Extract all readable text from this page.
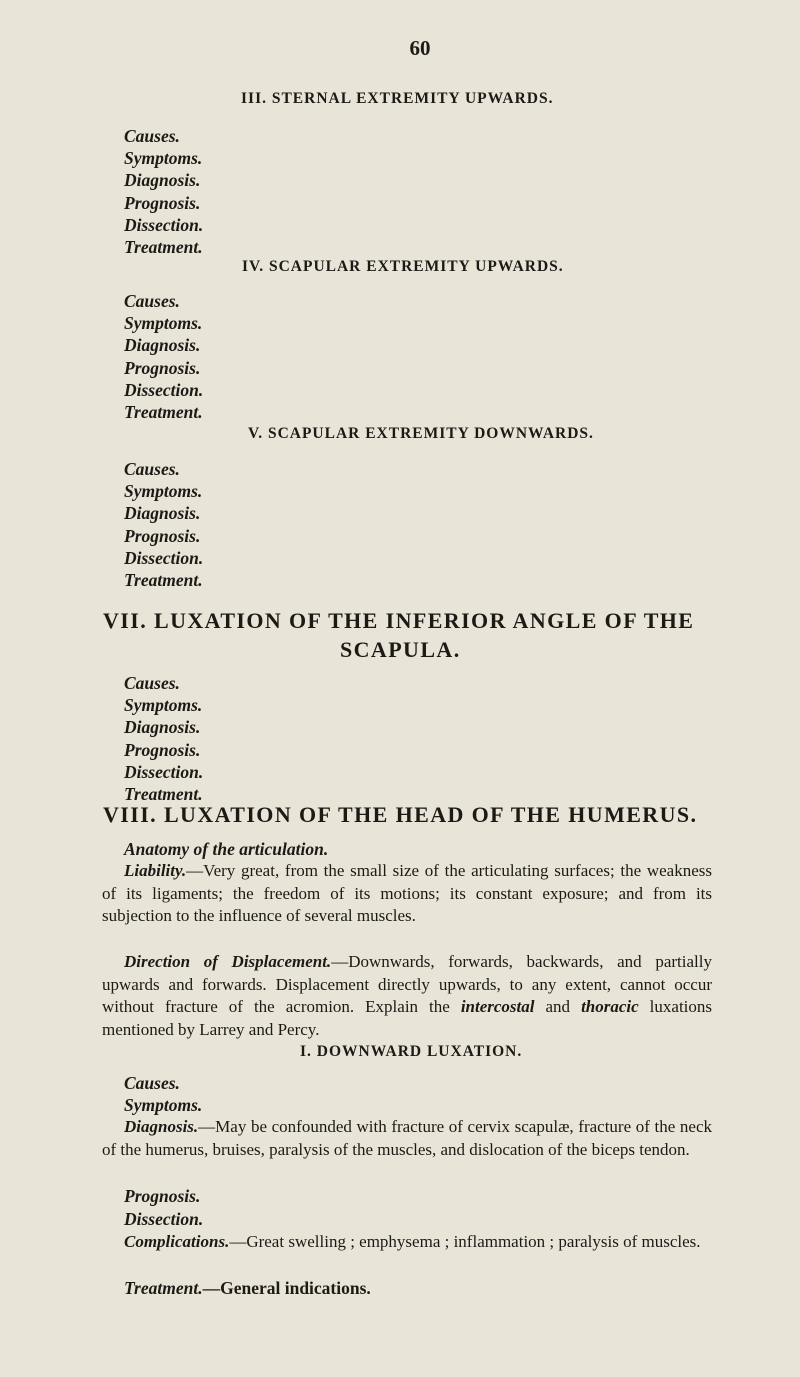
60
III. STERNAL EXTREMITY UPWARDS.
Causes.
Symptoms.
Diagnosis.
Prognosis.
Dissection.
Treatment.
IV. SCAPULAR EXTREMITY UPWARDS.
Causes.
Symptoms.
Diagnosis.
Prognosis.
Dissection.
Treatment.
V. SCAPULAR EXTREMITY DOWNWARDS.
Causes.
Symptoms.
Diagnosis.
Prognosis.
Dissection.
Treatment.
VII. LUXATION OF THE INFERIOR ANGLE OF THE
SCAPULA.
Causes.
Symptoms.
Diagnosis.
Prognosis.
Dissection.
Treatment.
VIII. LUXATION OF THE HEAD OF THE HUMERUS.
Anatomy of the articulation.

Liability.—Very great, from the small size of the articulating surfaces; the weakness of its ligaments; the freedom of its motions; its constant exposure; and from its subjection to the influence of several muscles.

Direction of Displacement.—Downwards, forwards, backwards, and partially upwards and forwards. Displacement directly upwards, to any extent, cannot occur without fracture of the acromion. Explain the intercostal and thoracic luxations mentioned by Larrey and Percy.

I. DOWNWARD LUXATION.
Causes.
Symptoms.

Diagnosis.—May be confounded with fracture of cervix scapulæ, fracture of the neck of the humerus, bruises, paralysis of the muscles, and dislocation of the biceps tendon.

Prognosis.
Dissection.

Complications.—Great swelling ; emphysema ; inflammation ; paralysis of muscles.

Treatment.—General indications.
